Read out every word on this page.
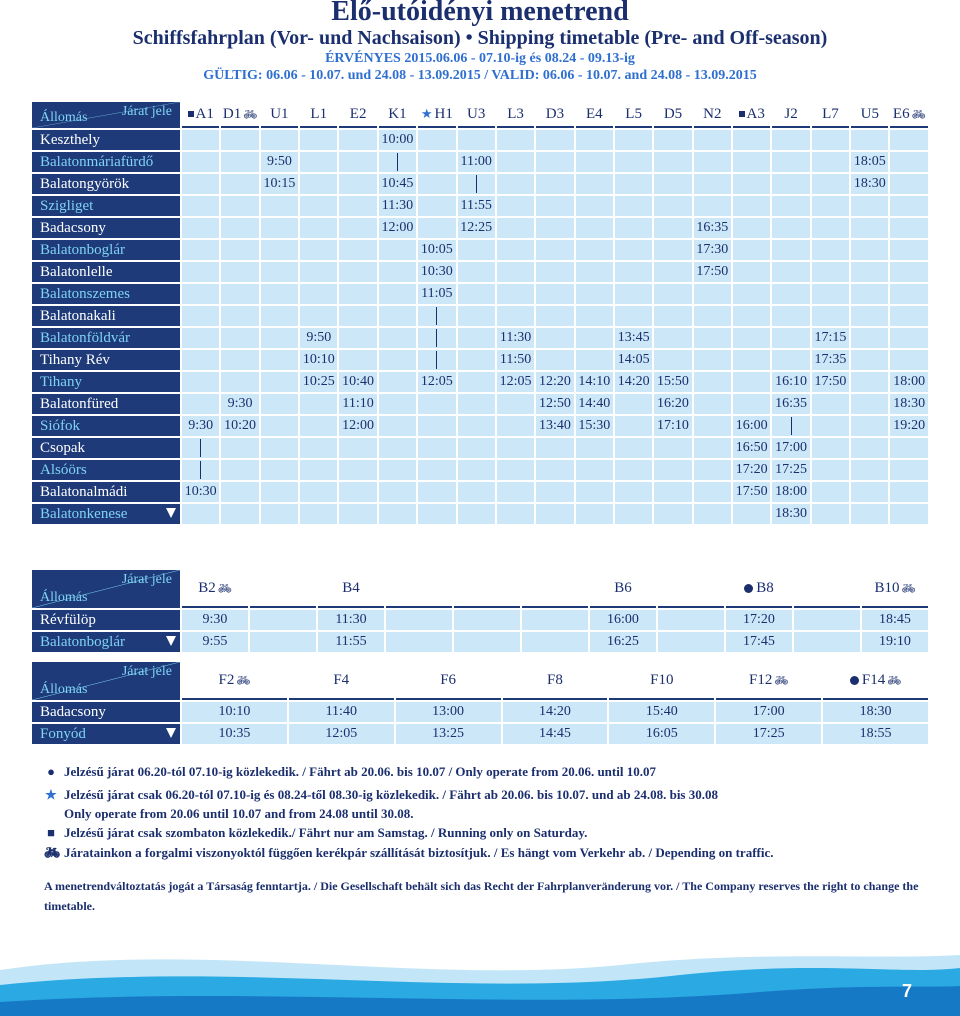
Elő-utóidényi menetrend
Schiffsfahrplan (Vor- und Nachsaison) • Shipping timetable (Pre- and Off-season)
ÉRVÉNYES 2015.06.06 - 07.10-ig és 08.24 - 09.13-ig
GÜLTIG: 06.06 - 10.07. und 24.08 - 13.09.2015 / VALID: 06.06 - 10.07. and 24.08 - 13.09.2015
Járat jele
Állomás	A1	D1 🚲︎	U1	L1	E2	K1	★ H1	U3	L3	D3	E4	L5	D5	N2	A3	J2	L7	U5	E6 🚲︎
Keszthely						10:00													
Balatonmáriafürdő			9:50					11:00										18:05	
Balatongyörök			10:15			10:45												18:30	
Szigliget						11:30		11:55											
Badacsony						12:00		12:25						16:35					
Balatonboglár							10:05							17:30					
Balatonlelle							10:30							17:50					
Balatonszemes							11:05												
Balatonakali																			
Balatonföldvár				9:50					11:30			13:45					17:15		
Tihany Rév				10:10					11:50			14:05					17:35		
Tihany				10:25	10:40		12:05		12:05	12:20	14:10	14:20	15:50			16:10	17:50		18:00
Balatonfüred		9:30			11:10					12:50	14:40		16:20			16:35			18:30
Siófok	9:30	10:20			12:00					13:40	15:30		17:10		16:00				19:20
Csopak															16:50	17:00			
Alsóörs															17:20	17:25			
Balatonalmádi	10:30														17:50	18:00			
Balatonkenese																18:30			
Járat jele
Állomás	B2 🚲︎		B4				B6		B8		B10 🚲︎
Révfülöp	9:30		11:30				16:00		17:20		18:45
Balatonboglár	9:55		11:55				16:25		17:45		19:10
Járat jele
Állomás	F2 🚲︎	F4	F6	F8	F10	F12 🚲︎	F14 🚲︎
Badacsony	10:10	11:40	13:00	14:20	15:40	17:00	18:30
Fonyód	10:35	12:05	13:25	14:45	16:05	17:25	18:55
● Jelzésű járat 06.20-tól 07.10-ig közlekedik. / Fährt ab 20.06. bis 10.07 / Only operate from 20.06. until 10.07
★ Jelzésű járat csak 06.20-tól 07.10-ig és 08.24-től 08.30-ig közlekedik. / Fährt ab 20.06. bis 10.07. und ab 24.08. bis 30.08
Only operate from 20.06 until 10.07 and from 24.08 until 30.08.
■ Jelzésű járat csak szombaton közlekedik./ Fährt nur am Samstag. / Running only on Saturday.
🚲︎ Járatainkon a forgalmi viszonyoktól függően kerékpár szállítását biztosítjuk. / Es hängt vom Verkehr ab. / Depending on traffic.
A menetrendváltoztatás jogát a Társaság fenntartja. / Die Gesellschaft behält sich das Recht der Fahrplanveränderung vor. / The Company reserves the right to change the timetable.
7
